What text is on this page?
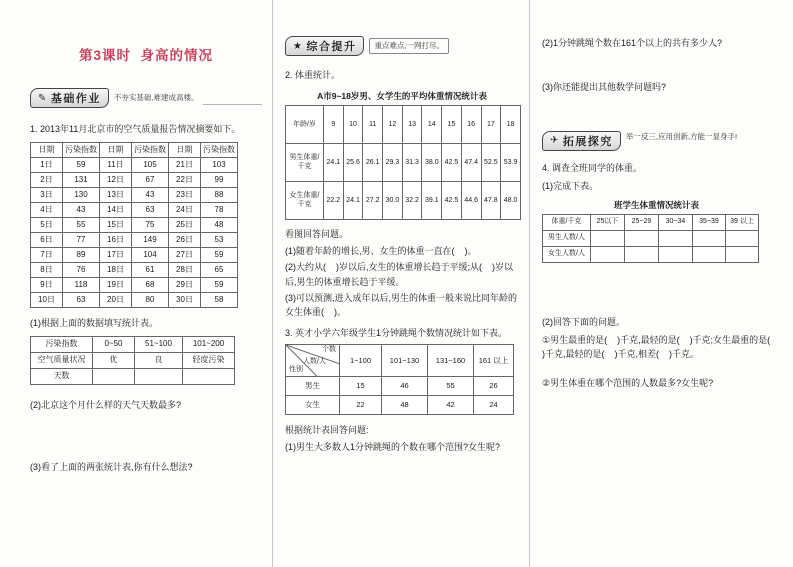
第3课时  身高的情况
✎ 基础作业 不夯实基础,难建成高楼。

1. 2013年11月北京市的空气质量报告情况摘要如下。

日期	污染指数	日期	污染指数	日期	污染指数
1日	59	11日	105	21日	103
2日	131	12日	67	22日	99
3日	130	13日	43	23日	88
4日	43	14日	63	24日	78
5日	55	15日	75	25日	48
6日	77	16日	149	26日	53
7日	89	17日	104	27日	59
8日	76	18日	61	28日	65
9日	118	19日	68	29日	59
10日	63	20日	80	30日	58

(1)根据上面的数据填写统计表。

污染指数	0~50	51~100	101~200
空气质量状况	优	良	轻度污染
天数			

(2)北京这个月什么样的天气天数最多?

(3)看了上面的两张统计表,你有什么想法?

★ 综合提升	重点难点,一网打尽。

2. 体重统计。

A市9~18岁男、女学生的平均体重情况统计表
年龄/岁	9	10	11	12	13	14	15	16	17	18
男生体重/千克	24.1	25.6	26.1	29.3	31.3	38.0	42.5	47.4	52.5	53.9
女生体重/千克	22.2	24.1	27.2	30.0	32.2	39.1	42.5	44.6	47.8	48.0

看图回答问题。

(1)随着年龄的增长,男、女生的体重一直在(    )。

(2)大约从(    )岁以后,女生的体重增长趋于平缓;从(    )岁以后,男生的体重增长趋于平缓。

(3)可以预测,进入成年以后,男生的体重一般来说比同年龄的女生体重(    )。

3. 英才小学六年级学生1分钟跳绳个数情况统计如下表。

个数
人数/人
性别	1~100	101~130	131~160	161 以上
男生	15	46	55	26
女生	22	48	42	24

根据统计表回答问题:

(1)男生大多数人1分钟跳绳的个数在哪个范围?女生呢?

(2)1分钟跳绳个数在161个以上的共有多少人?

(3)你还能提出其他数学问题吗?

✈ 拓展探究 举一反三,应用创新,方能一显身手!

4. 调查全班同学的体重。

(1)完成下表。

班学生体重情况统计表
体重/千克	25以下	25~29	30~34	35~39	39 以上
男生人数/人					
女生人数/人					

(2)回答下面的问题。

①男生最重的是(    )千克,最轻的是(    )千克;女生最重的是(    )千克,最轻的是(    )千克,相差(    )千克。

②男生体重在哪个范围的人数最多?女生呢?
